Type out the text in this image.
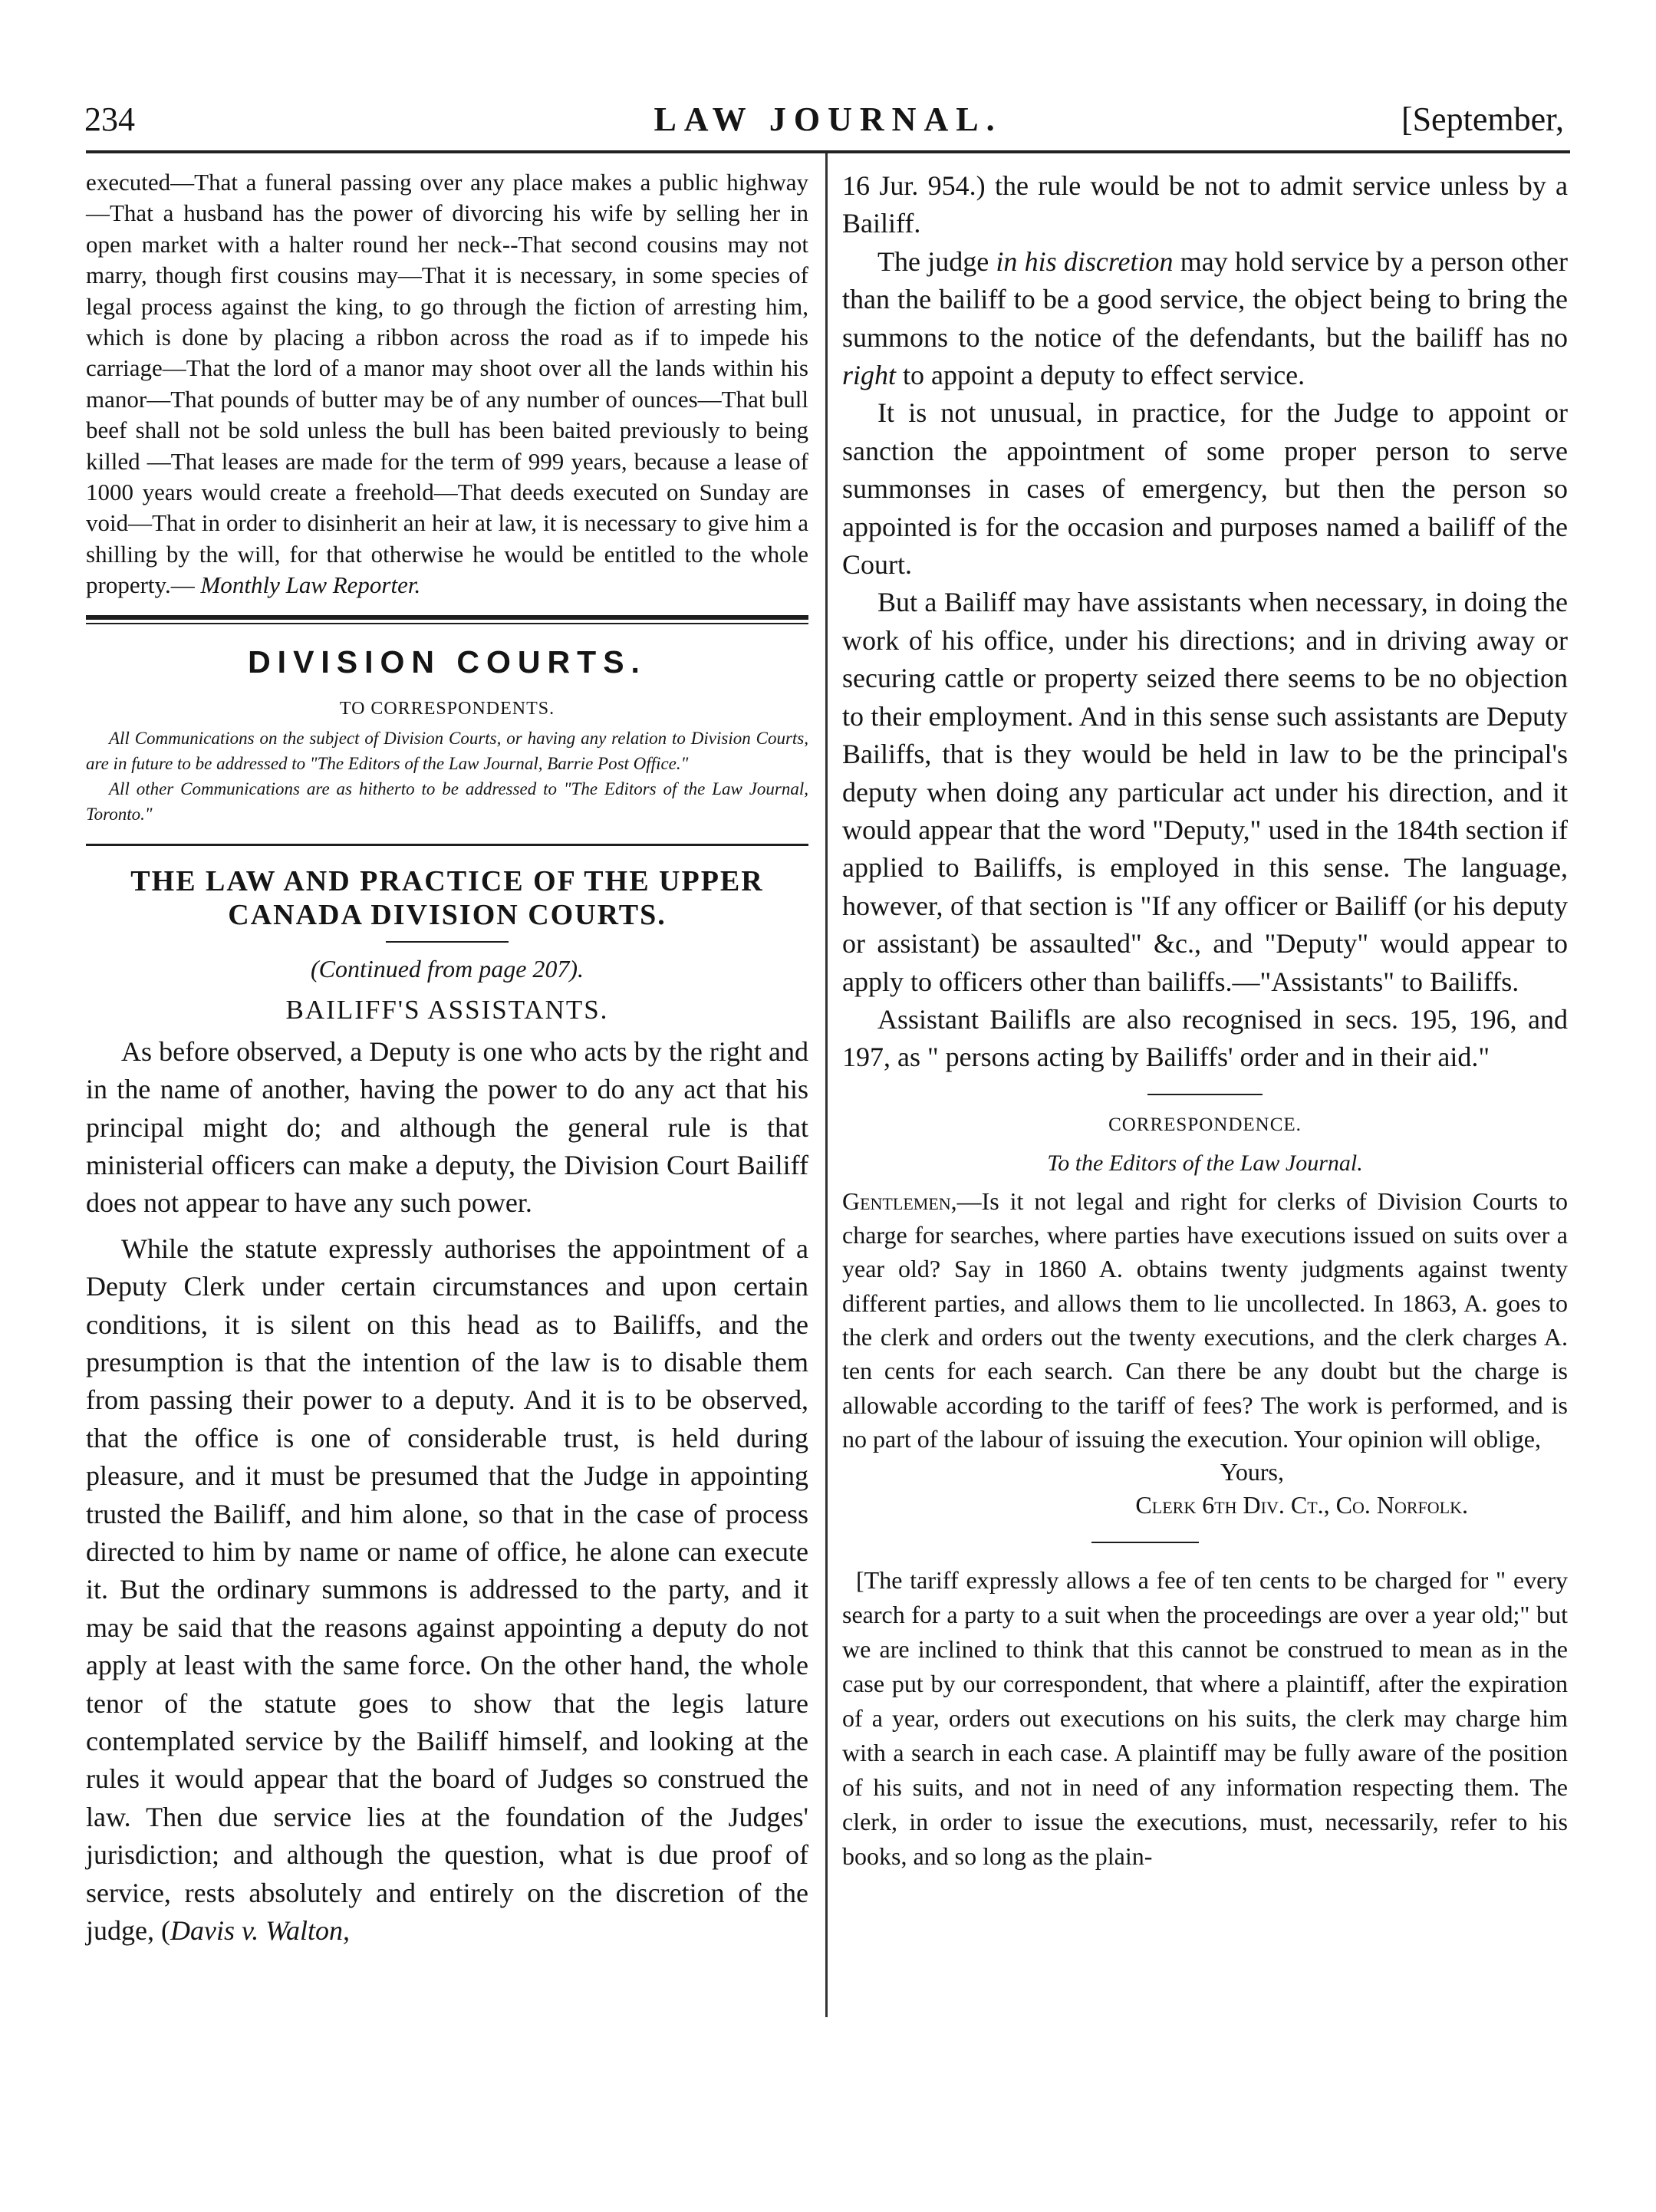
234	LAW JOURNAL.	[September,

executed—That a funeral passing over any place makes a public highway—That a husband has the power of divorcing his wife by selling her in open market with a halter round her neck--That second cousins may not marry, though first cousins may—That it is necessary, in some species of legal process against the king, to go through the fiction of arresting him, which is done by placing a ribbon across the road as if to impede his carriage—That the lord of a manor may shoot over all the lands within his manor—That pounds of butter may be of any number of ounces—That bull beef shall not be sold unless the bull has been baited previously to being killed —That leases are made for the term of 999 years, because a lease of 1000 years would create a freehold—That deeds executed on Sunday are void—That in order to disinherit an heir at law, it is necessary to give him a shilling by the will, for that otherwise he would be entitled to the whole property.— Monthly Law Reporter.

DIVISION COURTS.
TO CORRESPONDENTS.

All Communications on the subject of Division Courts, or having any relation to Division Courts, are in future to be addressed to "The Editors of the Law Journal, Barrie Post Office."

All other Communications are as hitherto to be addressed to "The Editors of the Law Journal, Toronto."

THE LAW AND PRACTICE OF THE UPPER

CANADA DIVISION COURTS.

(Continued from page 207).

BAILIFF'S ASSISTANTS.

As before observed, a Deputy is one who acts by the right and in the name of another, having the power to do any act that his principal might do; and although the general rule is that ministerial officers can make a deputy, the Division Court Bailiff does not appear to have any such power.

While the statute expressly authorises the appointment of a Deputy Clerk under certain circumstances and upon certain conditions, it is silent on this head as to Bailiffs, and the presumption is that the intention of the law is to disable them from passing their power to a deputy. And it is to be observed, that the office is one of considerable trust, is held during pleasure, and it must be presumed that the Judge in appointing trusted the Bailiff, and him alone, so that in the case of process directed to him by name or name of office, he alone can execute it. But the ordinary summons is addressed to the party, and it may be said that the reasons against appointing a deputy do not apply at least with the same force. On the other hand, the whole tenor of the statute goes to show that the legis lature contemplated service by the Bailiff himself, and looking at the rules it would appear that the board of Judges so construed the law. Then due service lies at the foundation of the Judges' jurisdiction; and although the question, what is due proof of service, rests absolutely and entirely on the discretion of the judge, (Davis v. Walton,

16 Jur. 954.) the rule would be not to admit service unless by a Bailiff.

The judge in his discretion may hold service by a person other than the bailiff to be a good service, the object being to bring the summons to the notice of the defendants, but the bailiff has no right to appoint a deputy to effect service.

It is not unusual, in practice, for the Judge to appoint or sanction the appointment of some proper person to serve summonses in cases of emergency, but then the person so appointed is for the occasion and purposes named a bailiff of the Court.

But a Bailiff may have assistants when necessary, in doing the work of his office, under his directions; and in driving away or securing cattle or property seized there seems to be no objection to their employment. And in this sense such assistants are Deputy Bailiffs, that is they would be held in law to be the principal's deputy when doing any particular act under his direction, and it would appear that the word "Deputy," used in the 184th section if applied to Bailiffs, is employed in this sense. The language, however, of that section is "If any officer or Bailiff (or his deputy or assistant) be assaulted" &c., and "Deputy" would appear to apply to officers other than bailiffs.—"Assistants" to Bailiffs.

Assistant Bailifls are also recognised in secs. 195, 196, and 197, as " persons acting by Bailiffs' order and in their aid."

CORRESPONDENCE.
To the Editors of the Law Journal.

Gentlemen,—Is it not legal and right for clerks of Division Courts to charge for searches, where parties have executions issued on suits over a year old? Say in 1860 A. obtains twenty judgments against twenty different parties, and allows them to lie uncollected. In 1863, A. goes to the clerk and orders out the twenty executions, and the clerk charges A. ten cents for each search. Can there be any doubt but the charge is allowable according to the tariff of fees? The work is performed, and is no part of the labour of issuing the execution. Your opinion will oblige,

Yours,

Clerk 6th Div. Ct., Co. Norfolk.

[The tariff expressly allows a fee of ten cents to be charged for " every search for a party to a suit when the proceedings are over a year old;" but we are inclined to think that this cannot be construed to mean as in the case put by our correspondent, that where a plaintiff, after the expiration of a year, orders out executions on his suits, the clerk may charge him with a search in each case. A plaintiff may be fully aware of the position of his suits, and not in need of any information respecting them. The clerk, in order to issue the executions, must, necessarily, refer to his books, and so long as the plain-
